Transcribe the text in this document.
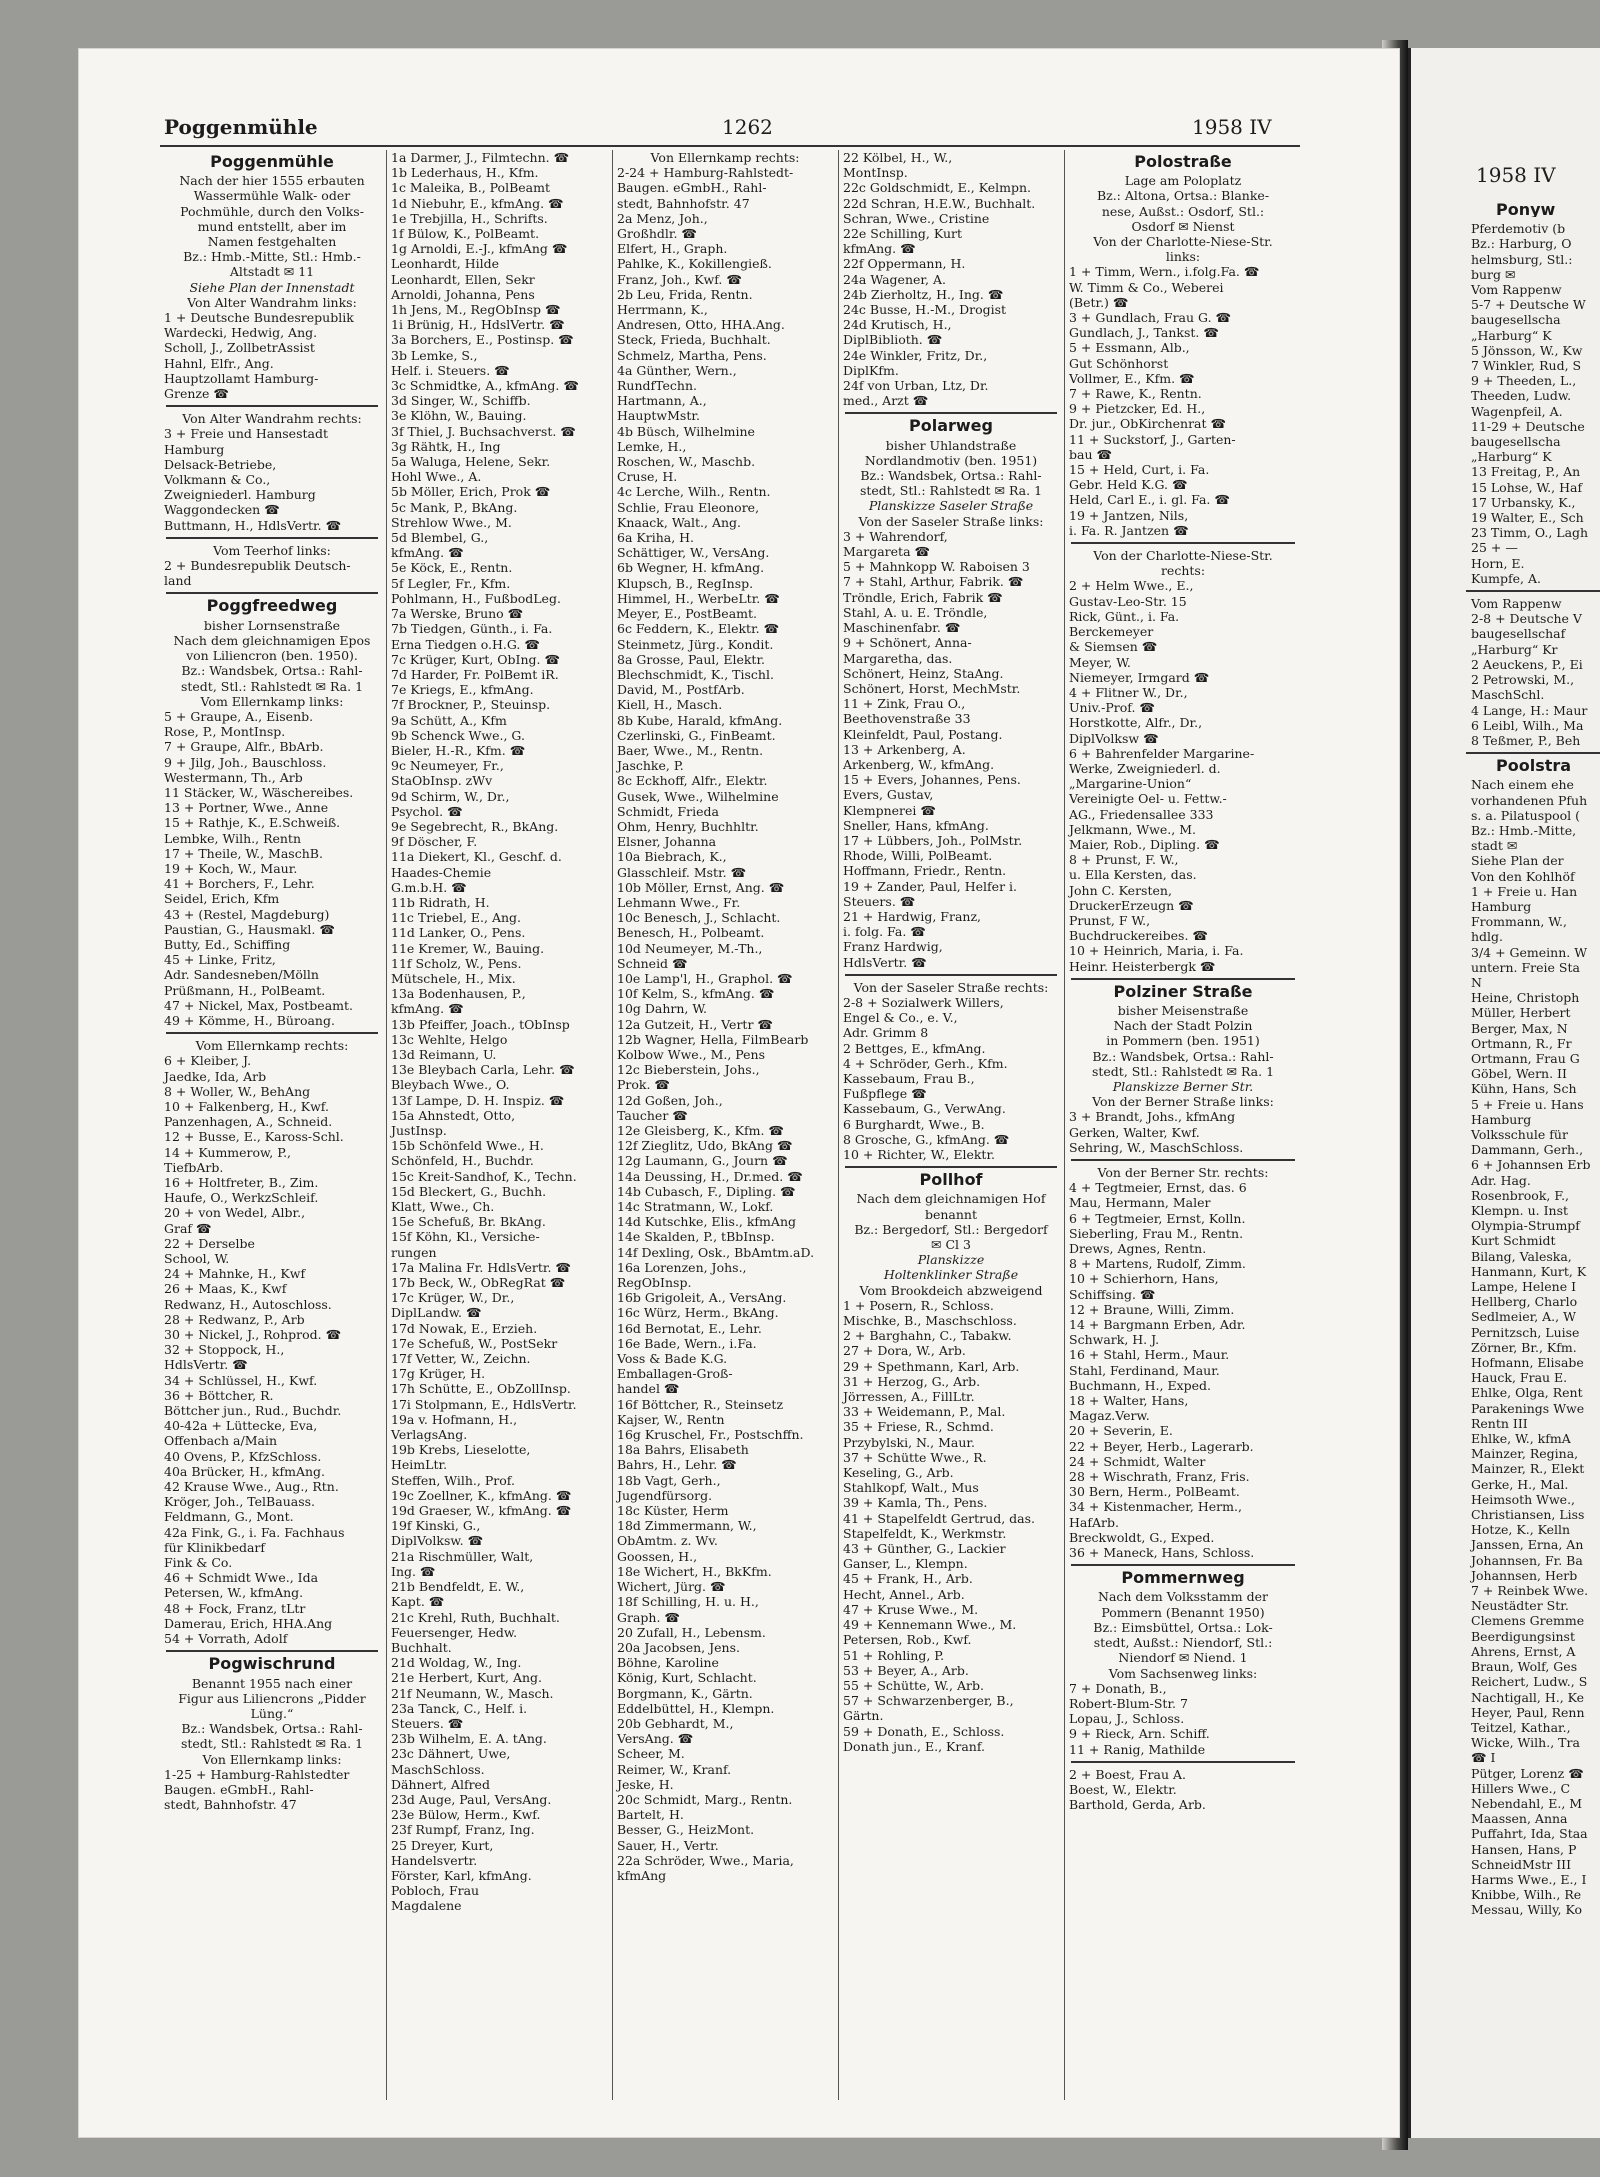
Poggenmühle	1262	1958 IV

Poggenmühle

Nach der hier 1555 erbauten

Wassermühle Walk- oder

Pochmühle, durch den Volks-

mund entstellt, aber im

Namen festgehalten

Bz.: Hmb.-Mitte, Stl.: Hmb.-

Altstadt ✉ 11

Siehe Plan der Innenstadt

Von Alter Wandrahm links:

1 + Deutsche Bundesrepublik

Wardecki, Hedwig, Ang.

Scholl, J., ZollbetrAssist

Hahnl, Elfr., Ang.

Hauptzollamt Hamburg-

Grenze ☎

Von Alter Wandrahm rechts:

3 + Freie und Hansestadt

Hamburg

Delsack-Betriebe,

Volkmann & Co.,

Zweigniederl. Hamburg

Waggondecken ☎

Buttmann, H., HdlsVertr. ☎

Vom Teerhof links:

2 + Bundesrepublik Deutsch-

land

Poggfreedweg

bisher Lornsenstraße

Nach dem gleichnamigen Epos

von Liliencron (ben. 1950).

Bz.: Wandsbek, Ortsa.: Rahl-

stedt, Stl.: Rahlstedt ✉ Ra. 1

Vom Ellernkamp links:

5 + Graupe, A., Eisenb.

Rose, P., MontInsp.

7 + Graupe, Alfr., BbArb.

9 + Jilg, Joh., Bauschloss.

Westermann, Th., Arb

11 Stäcker, W., Wäschereibes.

13 + Portner, Wwe., Anne

15 + Rathje, K., E.Schweiß.

Lembke, Wilh., Rentn

17 + Theile, W., MaschB.

19 + Koch, W., Maur.

41 + Borchers, F., Lehr.

Seidel, Erich, Kfm

43 + (Restel, Magdeburg)

Paustian, G., Hausmakl. ☎

Butty, Ed., Schiffing

45 + Linke, Fritz,

Adr. Sandesneben/Mölln

Prüßmann, H., PolBeamt.

47 + Nickel, Max, Postbeamt.

49 + Kömme, H., Büroang.

Vom Ellernkamp rechts:

6 + Kleiber, J.

Jaedke, Ida, Arb

8 + Woller, W., BehAng

10 + Falkenberg, H., Kwf.

Panzenhagen, A., Schneid.

12 + Busse, E., Kaross-Schl.

14 + Kummerow, P.,

TiefbArb.

16 + Holtfreter, B., Zim.

Haufe, O., WerkzSchleif.

20 + von Wedel, Albr.,

Graf ☎

22 + Derselbe

School, W.

24 + Mahnke, H., Kwf

26 + Maas, K., Kwf

Redwanz, H., Autoschloss.

28 + Redwanz, P., Arb

30 + Nickel, J., Rohprod. ☎

32 + Stoppock, H.,

HdlsVertr. ☎

34 + Schlüssel, H., Kwf.

36 + Böttcher, R.

Böttcher jun., Rud., Buchdr.

40-42a + Lüttecke, Eva,

Offenbach a/Main

40 Ovens, P., KfzSchloss.

40a Brücker, H., kfmAng.

42 Krause Wwe., Aug., Rtn.

Kröger, Joh., TelBauass.

Feldmann, G., Mont.

42a Fink, G., i. Fa. Fachhaus

für Klinikbedarf

Fink & Co.

46 + Schmidt Wwe., Ida

Petersen, W., kfmAng.

48 + Fock, Franz, tLtr

Damerau, Erich, HHA.Ang

54 + Vorrath, Adolf

Pogwischrund

Benannt 1955 nach einer

Figur aus Liliencrons „Pidder

Lüng.“

Bz.: Wandsbek, Ortsa.: Rahl-

stedt, Stl.: Rahlstedt ✉ Ra. 1

Von Ellernkamp links:

1-25 + Hamburg-Rahlstedter

Baugen. eGmbH., Rahl-

stedt, Bahnhofstr. 47

1a Darmer, J., Filmtechn. ☎

1b Lederhaus, H., Kfm.

1c Maleika, B., PolBeamt

1d Niebuhr, E., kfmAng. ☎

1e Trebjilla, H., Schrifts.

1f Bülow, K., PolBeamt.

1g Arnoldi, E.-J., kfmAng ☎

Leonhardt, Hilde

Leonhardt, Ellen, Sekr

Arnoldi, Johanna, Pens

1h Jens, M., RegObInsp ☎

1i Brünig, H., HdslVertr. ☎

3a Borchers, E., Postinsp. ☎

3b Lemke, S.,

Helf. i. Steuers. ☎

3c Schmidtke, A., kfmAng. ☎

3d Singer, W., Schiffb.

3e Klöhn, W., Bauing.

3f Thiel, J. Buchsachverst. ☎

3g Rähtk, H., Ing

5a Waluga, Helene, Sekr.

Hohl Wwe., A.

5b Möller, Erich, Prok ☎

5c Mank, P., BkAng.

Strehlow Wwe., M.

5d Blembel, G.,

kfmAng. ☎

5e Köck, E., Rentn.

5f Legler, Fr., Kfm.

Pohlmann, H., FußbodLeg.

7a Werske, Bruno ☎

7b Tiedgen, Günth., i. Fa.

Erna Tiedgen o.H.G. ☎

7c Krüger, Kurt, ObIng. ☎

7d Harder, Fr. PolBemt iR.

7e Kriegs, E., kfmAng.

7f Brockner, P., Steuinsp.

9a Schütt, A., Kfm

9b Schenck Wwe., G.

Bieler, H.-R., Kfm. ☎

9c Neumeyer, Fr.,

StaObInsp. zWv

9d Schirm, W., Dr.,

Psychol. ☎

9e Segebrecht, R., BkAng.

9f Döscher, F.

11a Diekert, Kl., Geschf. d.

Haades-Chemie

G.m.b.H. ☎

11b Ridrath, H.

11c Triebel, E., Ang.

11d Lanker, O., Pens.

11e Kremer, W., Bauing.

11f Scholz, W., Pens.

Mütschele, H., Mix.

13a Bodenhausen, P.,

kfmAng. ☎

13b Pfeiffer, Joach., tObInsp

13c Wehlte, Helgo

13d Reimann, U.

13e Bleybach Carla, Lehr. ☎

Bleybach Wwe., O.

13f Lampe, D. H. Inspiz. ☎

15a Ahnstedt, Otto,

JustInsp.

15b Schönfeld Wwe., H.

Schönfeld, H., Buchdr.

15c Kreit-Sandhof, K., Techn.

15d Bleckert, G., Buchh.

Klatt, Wwe., Ch.

15e Schefuß, Br. BkAng.

15f Köhn, Kl., Versiche-

rungen

17a Malina Fr. HdlsVertr. ☎

17b Beck, W., ObRegRat ☎

17c Krüger, W., Dr.,

DiplLandw. ☎

17d Nowak, E., Erzieh.

17e Schefuß, W., PostSekr

17f Vetter, W., Zeichn.

17g Krüger, H.

17h Schütte, E., ObZollInsp.

17i Stolpmann, E., HdlsVertr.

19a v. Hofmann, H.,

VerlagsAng.

19b Krebs, Lieselotte,

HeimLtr.

Steffen, Wilh., Prof.

19c Zoellner, K., kfmAng. ☎

19d Graeser, W., kfmAng. ☎

19f Kinski, G.,

DiplVolksw. ☎

21a Rischmüller, Walt,

Ing. ☎

21b Bendfeldt, E. W.,

Kapt. ☎

21c Krehl, Ruth, Buchhalt.

Feuersenger, Hedw.

Buchhalt.

21d Woldag, W., Ing.

21e Herbert, Kurt, Ang.

21f Neumann, W., Masch.

23a Tanck, C., Helf. i.

Steuers. ☎

23b Wilhelm, E. A. tAng.

23c Dähnert, Uwe,

MaschSchloss.

Dähnert, Alfred

23d Auge, Paul, VersAng.

23e Bülow, Herm., Kwf.

23f Rumpf, Franz, Ing.

25 Dreyer, Kurt,

Handelsvertr.

Förster, Karl, kfmAng.

Pobloch, Frau

Magdalene

Von Ellernkamp rechts:

2-24 + Hamburg-Rahlstedt-

Baugen. eGmbH., Rahl-

stedt, Bahnhofstr. 47

2a Menz, Joh.,

Großhdlr. ☎

Elfert, H., Graph.

Pahlke, K., Kokillengieß.

Franz, Joh., Kwf. ☎

2b Leu, Frida, Rentn.

Herrmann, K.,

Andresen, Otto, HHA.Ang.

Steck, Frieda, Buchhalt.

Schmelz, Martha, Pens.

4a Günther, Wern.,

RundfTechn.

Hartmann, A.,

HauptwMstr.

4b Büsch, Wilhelmine

Lemke, H.,

Roschen, W., Maschb.

Cruse, H.

4c Lerche, Wilh., Rentn.

Schlie, Frau Eleonore,

Knaack, Walt., Ang.

6a Kriha, H.

Schättiger, W., VersAng.

6b Wegner, H. kfmAng.

Klupsch, B., RegInsp.

Himmel, H., WerbeLtr. ☎

Meyer, E., PostBeamt.

6c Feddern, K., Elektr. ☎

Steinmetz, Jürg., Kondit.

8a Grosse, Paul, Elektr.

Blechschmidt, K., Tischl.

David, M., PostfArb.

Kiell, H., Masch.

8b Kube, Harald, kfmAng.

Czerlinski, G., FinBeamt.

Baer, Wwe., M., Rentn.

Jaschke, P.

8c Eckhoff, Alfr., Elektr.

Gusek, Wwe., Wilhelmine

Schmidt, Frieda

Ohm, Henry, Buchhltr.

Elsner, Johanna

10a Biebrach, K.,

Glasschleif. Mstr. ☎

10b Möller, Ernst, Ang. ☎

Lehmann Wwe., Fr.

10c Benesch, J., Schlacht.

Benesch, H., Polbeamt.

10d Neumeyer, M.-Th.,

Schneid ☎

10e Lamp'l, H., Graphol. ☎

10f Kelm, S., kfmAng. ☎

10g Dahrn, W.

12a Gutzeit, H., Vertr ☎

12b Wagner, Hella, FilmBearb

Kolbow Wwe., M., Pens

12c Bieberstein, Johs.,

Prok. ☎

12d Goßen, Joh.,

Taucher ☎

12e Gleisberg, K., Kfm. ☎

12f Zieglitz, Udo, BkAng ☎

12g Laumann, G., Journ ☎

14a Deussing, H., Dr.med. ☎

14b Cubasch, F., Dipling. ☎

14c Stratmann, W., Lokf.

14d Kutschke, Elis., kfmAng

14e Skalden, P., tBbInsp.

14f Dexling, Osk., BbAmtm.aD.

16a Lorenzen, Johs.,

RegObInsp.

16b Grigoleit, A., VersAng.

16c Würz, Herm., BkAng.

16d Bernotat, E., Lehr.

16e Bade, Wern., i.Fa.

Voss & Bade K.G.

Emballagen-Groß-

handel ☎

16f Böttcher, R., Steinsetz

Kajser, W., Rentn

16g Kruschel, Fr., Postschffn.

18a Bahrs, Elisabeth

Bahrs, H., Lehr. ☎

18b Vagt, Gerh.,

Jugendfürsorg.

18c Küster, Herm

18d Zimmermann, W.,

ObAmtm. z. Wv.

Goossen, H.,

18e Wichert, H., BkKfm.

Wichert, Jürg. ☎

18f Schilling, H. u. H.,

Graph. ☎

20 Zufall, H., Lebensm.

20a Jacobsen, Jens.

Böhne, Karoline

König, Kurt, Schlacht.

Borgmann, K., Gärtn.

Eddelbüttel, H., Klempn.

20b Gebhardt, M.,

VersAng. ☎

Scheer, M.

Reimer, W., Kranf.

Jeske, H.

20c Schmidt, Marg., Rentn.

Bartelt, H.

Besser, G., HeizMont.

Sauer, H., Vertr.

22a Schröder, Wwe., Maria,

kfmAng

22 Kölbel, H., W.,

MontInsp.

22c Goldschmidt, E., Kelmpn.

22d Schran, H.E.W., Buchhalt.

Schran, Wwe., Cristine

22e Schilling, Kurt

kfmAng. ☎

22f Oppermann, H.

24a Wagener, A.

24b Zierholtz, H., Ing. ☎

24c Busse, H.-M., Drogist

24d Krutisch, H.,

DiplBiblioth. ☎

24e Winkler, Fritz, Dr.,

DiplKfm.

24f von Urban, Ltz, Dr.

med., Arzt ☎

Polarweg

bisher Uhlandstraße

Nordlandmotiv (ben. 1951)

Bz.: Wandsbek, Ortsa.: Rahl-

stedt, Stl.: Rahlstedt ✉ Ra. 1

Planskizze Saseler Straße

Von der Saseler Straße links:

3 + Wahrendorf,

Margareta ☎

5 + Mahnkopp W. Raboisen 3

7 + Stahl, Arthur, Fabrik. ☎

Tröndle, Erich, Fabrik ☎

Stahl, A. u. E. Tröndle,

Maschinenfabr. ☎

9 + Schönert, Anna-

Margaretha, das.

Schönert, Heinz, StaAng.

Schönert, Horst, MechMstr.

11 + Zink, Frau O.,

Beethovenstraße 33

Kleinfeldt, Paul, Postang.

13 + Arkenberg, A.

Arkenberg, W., kfmAng.

15 + Evers, Johannes, Pens.

Evers, Gustav,

Klempnerei ☎

Sneller, Hans, kfmAng.

17 + Lübbers, Joh., PolMstr.

Rhode, Willi, PolBeamt.

Hoffmann, Friedr., Rentn.

19 + Zander, Paul, Helfer i.

Steuers. ☎

21 + Hardwig, Franz,

i. folg. Fa. ☎

Franz Hardwig,

HdlsVertr. ☎

Von der Saseler Straße rechts:

2-8 + Sozialwerk Willers,

Engel & Co., e. V.,

Adr. Grimm 8

2 Bettges, E., kfmAng.

4 + Schröder, Gerh., Kfm.

Kassebaum, Frau B.,

Fußpflege ☎

Kassebaum, G., VerwAng.

6 Burghardt, Wwe., B.

8 Grosche, G., kfmAng. ☎

10 + Richter, W., Elektr.

Pollhof

Nach dem gleichnamigen Hof

benannt

Bz.: Bergedorf, Stl.: Bergedorf

✉ Cl 3

Planskizze

Holtenklinker Straße

Vom Brookdeich abzweigend

1 + Posern, R., Schloss.

Mischke, B., Maschschloss.

2 + Barghahn, C., Tabakw.

27 + Dora, W., Arb.

29 + Spethmann, Karl, Arb.

31 + Herzog, G., Arb.

Jörressen, A., FillLtr.

33 + Weidemann, P., Mal.

35 + Friese, R., Schmd.

Przybylski, N., Maur.

37 + Schütte Wwe., R.

Keseling, G., Arb.

Stahlkopf, Walt., Mus

39 + Kamla, Th., Pens.

41 + Stapelfeldt Gertrud, das.

Stapelfeldt, K., Werkmstr.

43 + Günther, G., Lackier

Ganser, L., Klempn.

45 + Frank, H., Arb.

Hecht, Annel., Arb.

47 + Kruse Wwe., M.

49 + Kennemann Wwe., M.

Petersen, Rob., Kwf.

51 + Rohling, P.

53 + Beyer, A., Arb.

55 + Schütte, W., Arb.

57 + Schwarzenberger, B.,

Gärtn.

59 + Donath, E., Schloss.

Donath jun., E., Kranf.

Polostraße

Lage am Poloplatz

Bz.: Altona, Ortsa.: Blanke-

nese, Außst.: Osdorf, Stl.:

Osdorf ✉ Nienst

Von der Charlotte-Niese-Str.

links:

1 + Timm, Wern., i.folg.Fa. ☎

W. Timm & Co., Weberei

(Betr.) ☎

3 + Gundlach, Frau G. ☎

Gundlach, J., Tankst. ☎

5 + Essmann, Alb.,

Gut Schönhorst

Vollmer, E., Kfm. ☎

7 + Rawe, K., Rentn.

9 + Pietzcker, Ed. H.,

Dr. jur., ObKirchenrat ☎

11 + Suckstorf, J., Garten-

bau ☎

15 + Held, Curt, i. Fa.

Gebr. Held K.G. ☎

Held, Carl E., i. gl. Fa. ☎

19 + Jantzen, Nils,

i. Fa. R. Jantzen ☎

Von der Charlotte-Niese-Str.

rechts:

2 + Helm Wwe., E.,

Gustav-Leo-Str. 15

Rick, Günt., i. Fa.

Berckemeyer

& Siemsen ☎

Meyer, W.

Niemeyer, Irmgard ☎

4 + Flitner W., Dr.,

Univ.-Prof. ☎

Horstkotte, Alfr., Dr.,

DiplVolksw ☎

6 + Bahrenfelder Margarine-

Werke, Zweigniederl. d.

„Margarine-Union“

Vereinigte Oel- u. Fettw.-

AG., Friedensallee 333

Jelkmann, Wwe., M.

Maier, Rob., Dipling. ☎

8 + Prunst, F. W.,

u. Ella Kersten, das.

John C. Kersten,

DruckerErzeugn ☎

Prunst, F W.,

Buchdruckereibes. ☎

10 + Heinrich, Maria, i. Fa.

Heinr. Heisterbergk ☎

Polziner Straße

bisher Meisenstraße

Nach der Stadt Polzin

in Pommern (ben. 1951)

Bz.: Wandsbek, Ortsa.: Rahl-

stedt, Stl.: Rahlstedt ✉ Ra. 1

Planskizze Berner Str.

Von der Berner Straße links:

3 + Brandt, Johs., kfmAng

Gerken, Walter, Kwf.

Sehring, W., MaschSchloss.

Von der Berner Str. rechts:

4 + Tegtmeier, Ernst, das. 6

Mau, Hermann, Maler

6 + Tegtmeier, Ernst, Kolln.

Sieberling, Frau M., Rentn.

Drews, Agnes, Rentn.

8 + Martens, Rudolf, Zimm.

10 + Schierhorn, Hans,

Schiffsing. ☎

12 + Braune, Willi, Zimm.

14 + Bargmann Erben, Adr.

Schwark, H. J.

16 + Stahl, Herm., Maur.

Stahl, Ferdinand, Maur.

Buchmann, H., Exped.

18 + Walter, Hans,

Magaz.Verw.

20 + Severin, E.

22 + Beyer, Herb., Lagerarb.

24 + Schmidt, Walter

28 + Wischrath, Franz, Fris.

30 Bern, Herm., PolBeamt.

34 + Kistenmacher, Herm.,

HafArb.

Breckwoldt, G., Exped.

36 + Maneck, Hans, Schloss.

Pommernweg

Nach dem Volksstamm der

Pommern (Benannt 1950)

Bz.: Eimsbüttel, Ortsa.: Lok-

stedt, Außst.: Niendorf, Stl.:

Niendorf ✉ Niend. 1

Vom Sachsenweg links:

7 + Donath, B.,

Robert-Blum-Str. 7

Lopau, J., Schloss.

9 + Rieck, Arn. Schiff.

11 + Ranig, Mathilde

2 + Boest, Frau A.

Boest, W., Elektr.

Barthold, Gerda, Arb.

1958 IV

Ponyw

Pferdemotiv (b

Bz.: Harburg, O

helmsburg, Stl.:

burg ✉

Vom Rappenw

5-7 + Deutsche W

baugesellscha

„Harburg“ K

5 Jönsson, W., Kw

7 Winkler, Rud, S

9 + Theeden, L.,

Theeden, Ludw.

Wagenpfeil, A.

11-29 + Deutsche

baugesellscha

„Harburg“ K

13 Freitag, P., An

15 Lohse, W., Haf

17 Urbansky, K.,

19 Walter, E., Sch

23 Timm, O., Lagh

25 + —

Horn, E.

Kumpfe, A.

Vom Rappenw

2-8 + Deutsche V

baugesellschaf

„Harburg“ Kr

2 Aeuckens, P., Ei

2 Petrowski, M.,

MaschSchl.

4 Lange, H.: Maur

6 Leibl, Wilh., Ma

8 Teßmer, P., Beh

Poolstra

Nach einem ehe

vorhandenen Pfuh

s. a. Pilatuspool (

Bz.: Hmb.-Mitte,

stadt ✉

Siehe Plan der

Von den Kohlhöf

1 + Freie u. Han

Hamburg

Frommann, W.,

hdlg.

3/4 + Gemeinn. W

untern. Freie Sta

N

Heine, Christoph

Müller, Herbert

Berger, Max, N

Ortmann, R., Fr

Ortmann, Frau G

Göbel, Wern. II

Kühn, Hans, Sch

5 + Freie u. Hans

Hamburg

Volksschule für

Dammann, Gerh.,

6 + Johannsen Erb

Adr. Hag.

Rosenbrook, F.,

Klempn. u. Inst

Olympia-Strumpf

Kurt Schmidt

Bilang, Valeska,

Hanmann, Kurt, K

Lampe, Helene I

Hellberg, Charlo

Sedlmeier, A., W

Pernitzsch, Luise

Zörner, Br., Kfm.

Hofmann, Elisabe

Hauck, Frau E.

Ehlke, Olga, Rent

Parakenings Wwe

Rentn III

Ehlke, W., kfmA

Mainzer, Regina,

Mainzer, R., Elekt

Gerke, H., Mal.

Heimsoth Wwe.,

Christiansen, Liss

Hotze, K., Kelln

Janssen, Erna, An

Johannsen, Fr. Ba

Johannsen, Herb

7 + Reinbek Wwe.

Neustädter Str.

Clemens Gremme

Beerdigungsinst

Ahrens, Ernst, A

Braun, Wolf, Ges

Reichert, Ludw., S

Nachtigall, H., Ke

Heyer, Paul, Renn

Teitzel, Kathar.,

Wicke, Wilh., Tra

☎ I

Pütger, Lorenz ☎

Hillers Wwe., C

Nebendahl, E., M

Maassen, Anna

Puffahrt, Ida, Staa

Hansen, Hans, P

SchneidMstr III

Harms Wwe., E., I

Knibbe, Wilh., Re

Messau, Willy, Ko
